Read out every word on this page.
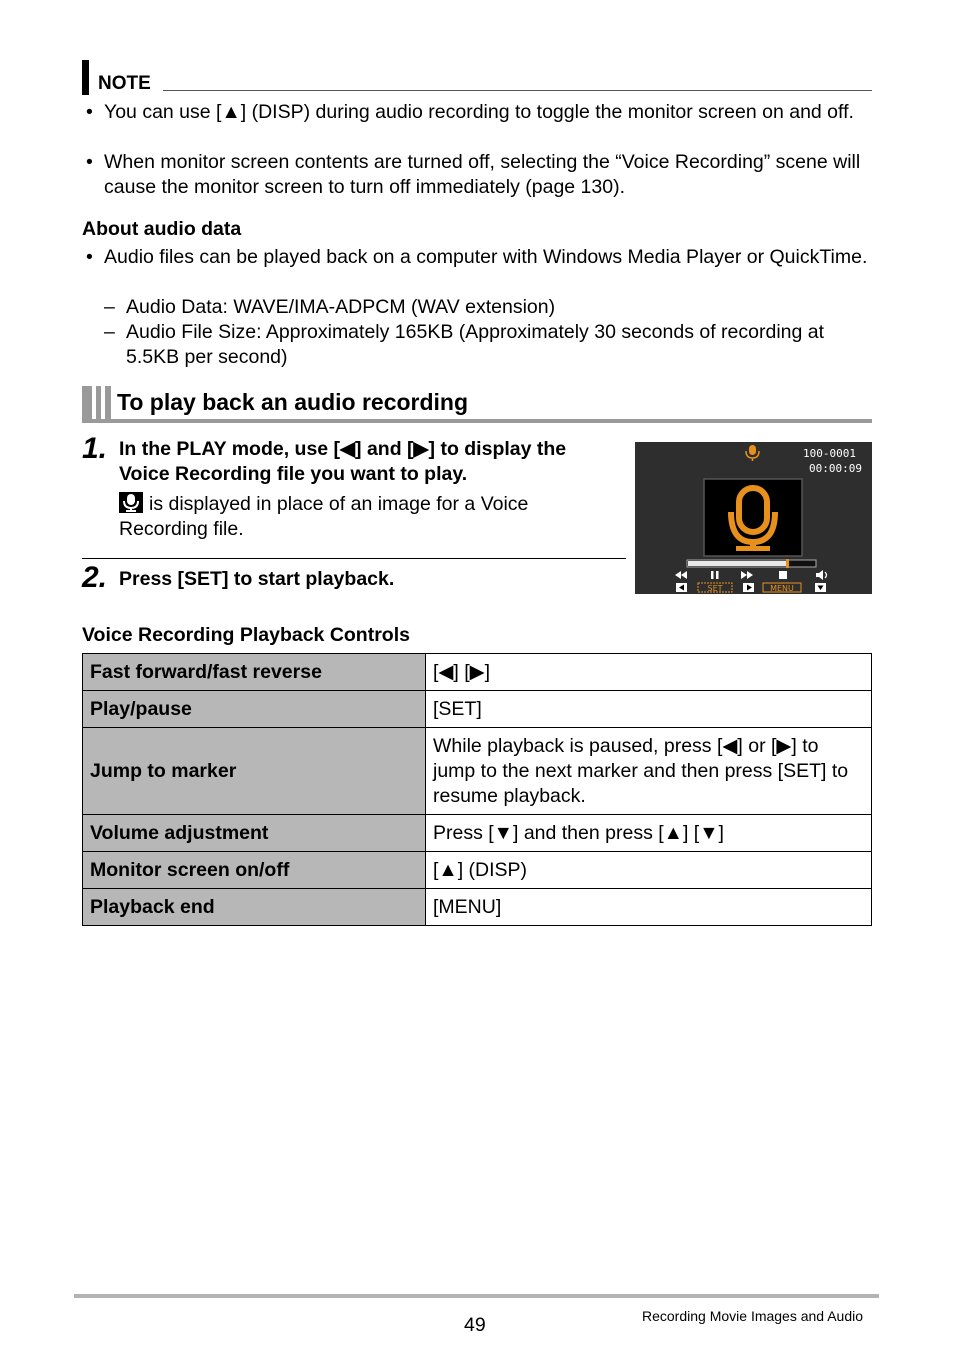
NOTE
• You can use [▲] (DISP) during audio recording to toggle the monitor screen on and off.
• When monitor screen contents are turned off, selecting the “Voice Recording” scene will cause the monitor screen to turn off immediately (page 130).
About audio data
• Audio files can be played back on a computer with Windows Media Player or QuickTime.
– Audio Data: WAVE/IMA-ADPCM (WAV extension)
– Audio File Size: Approximately 165KB (Approximately 30 seconds of recording at 5.5KB per second)
To play back an audio recording
1. In the PLAY mode, use [◀] and [▶] to display the Voice Recording file you want to play.
is displayed in place of an image for a Voice Recording file.
2. Press [SET] to start playback.
100-0001
00:00:09
SET	MENU
Voice Recording Playback Controls
Fast forward/fast reverse	[◀] [▶]
Play/pause	[SET]
Jump to marker	While playback is paused, press [◀] or [▶] to jump to the next marker and then press [SET] to resume playback.
Volume adjustment	Press [▼] and then press [▲] [▼]
Monitor screen on/off	[▲] (DISP)
Playback end	[MENU]
49	Recording Movie Images and Audio
